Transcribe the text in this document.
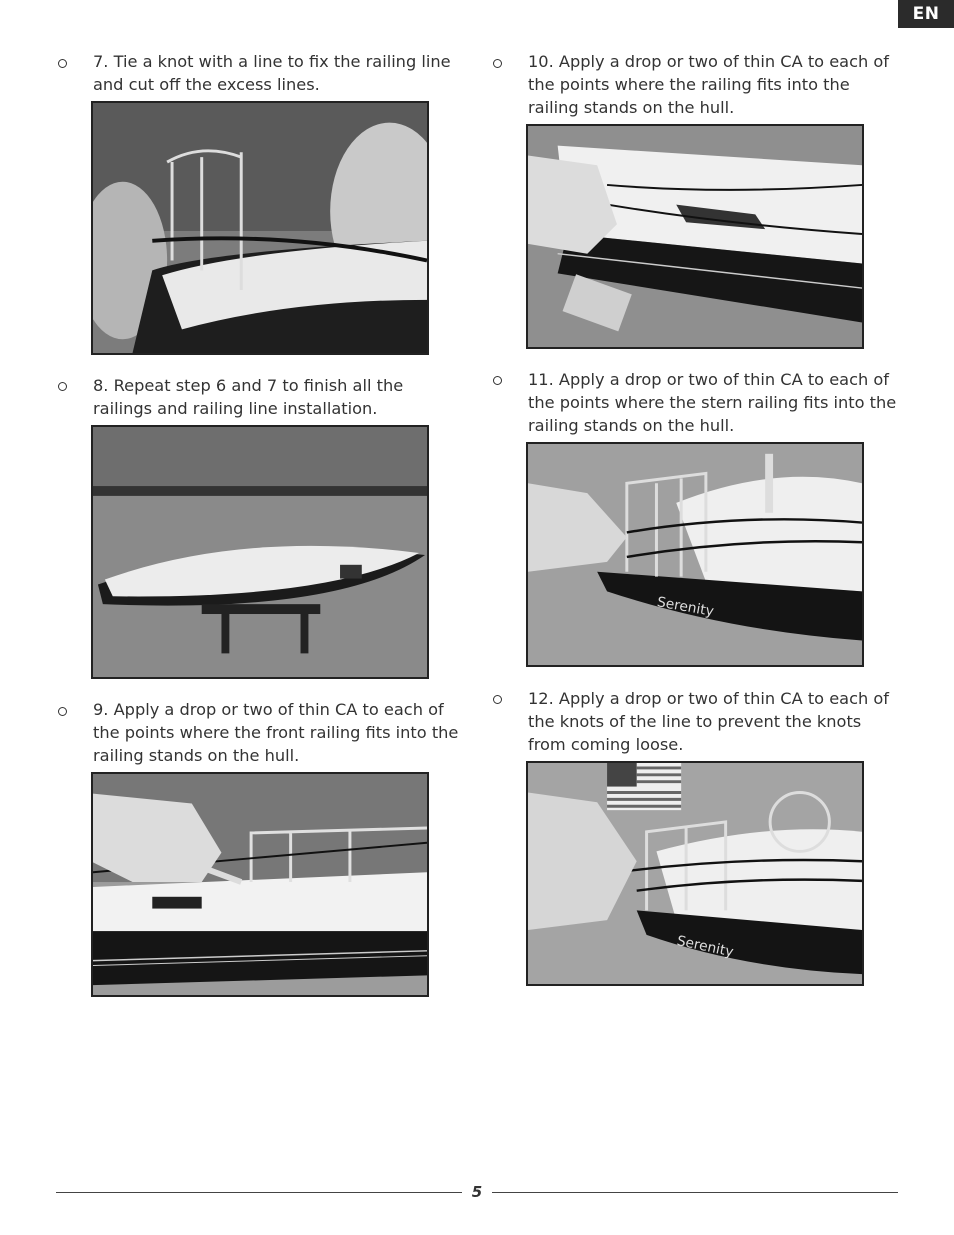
EN
7. Tie a knot with a line to fix the railing line and cut off the excess lines.
8. Repeat step 6 and 7 to finish all the railings and railing line installation.
9. Apply a drop or two of thin CA to each of the points where the front railing fits into the railing stands on the hull.
10. Apply a drop or two of thin CA to each of the points where the railing fits into the railing stands on the hull.
11. Apply a drop or two of thin CA to each of the points where the stern railing fits into the railing stands on the hull.
Serenity
12. Apply a drop or two of thin CA to each of the knots of the line to prevent the knots from coming loose.
Serenity
5
